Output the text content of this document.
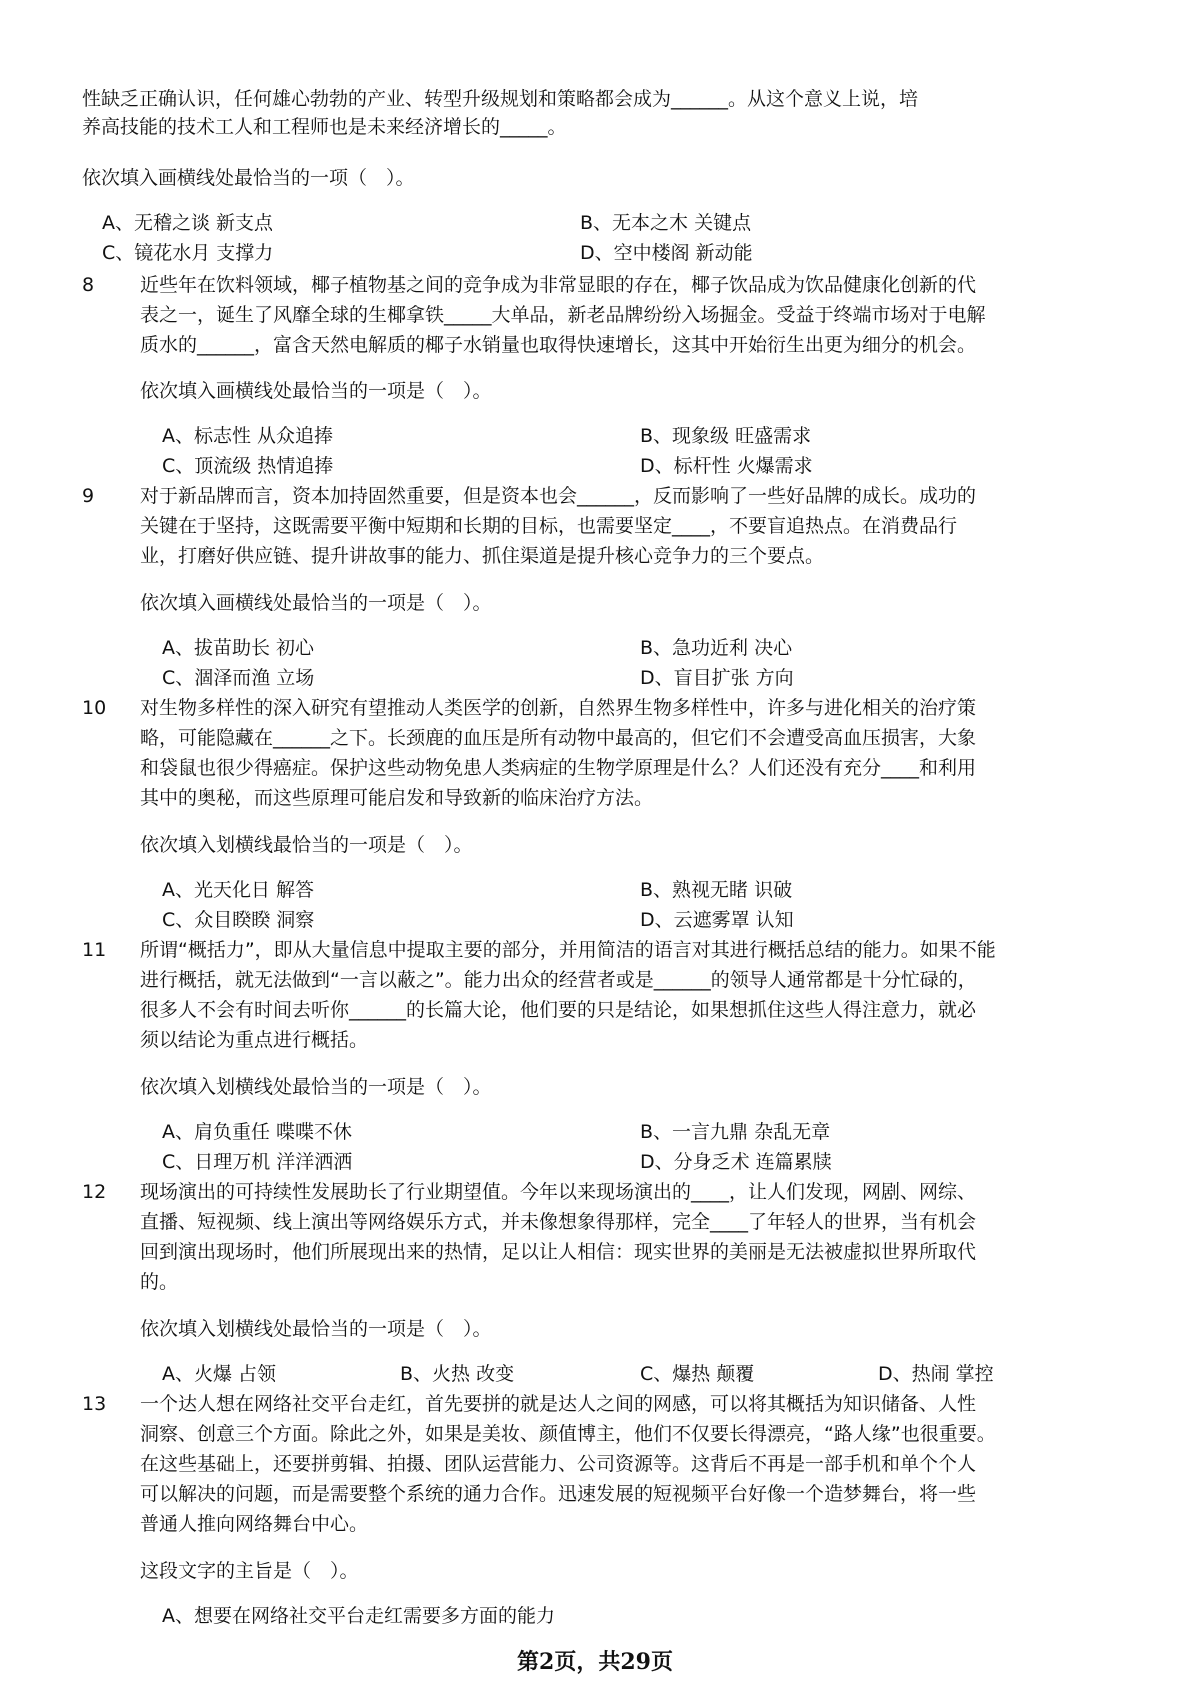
性缺乏正确认识，任何雄心勃勃的产业、转型升级规划和策略都会成为______。从这个意义上说，培
养高技能的技术工人和工程师也是未来经济增长的_____。
依次填入画横线处最恰当的一项（　）。
A、无稽之谈 新支点	B、无本之木 关键点
C、镜花水月 支撑力	D、空中楼阁 新动能
8	近些年在饮料领域，椰子植物基之间的竞争成为非常显眼的存在，椰子饮品成为饮品健康化创新的代
表之一，诞生了风靡全球的生椰拿铁_____大单品，新老品牌纷纷入场掘金。受益于终端市场对于电解
质水的______，富含天然电解质的椰子水销量也取得快速增长，这其中开始衍生出更为细分的机会。
依次填入画横线处最恰当的一项是（　）。
A、标志性 从众追捧	B、现象级 旺盛需求
C、顶流级 热情追捧	D、标杆性 火爆需求
9	对于新品牌而言，资本加持固然重要，但是资本也会______，反而影响了一些好品牌的成长。成功的
关键在于坚持，这既需要平衡中短期和长期的目标，也需要坚定____，不要盲追热点。在消费品行
业，打磨好供应链、提升讲故事的能力、抓住渠道是提升核心竞争力的三个要点。
依次填入画横线处最恰当的一项是（　）。
A、拔苗助长 初心	B、急功近利 决心
C、涸泽而渔 立场	D、盲目扩张 方向
10	对生物多样性的深入研究有望推动人类医学的创新，自然界生物多样性中，许多与进化相关的治疗策
略，可能隐藏在______之下。长颈鹿的血压是所有动物中最高的，但它们不会遭受高血压损害，大象
和袋鼠也很少得癌症。保护这些动物免患人类病症的生物学原理是什么？人们还没有充分____和利用
其中的奥秘，而这些原理可能启发和导致新的临床治疗方法。
依次填入划横线最恰当的一项是（　）。
A、光天化日 解答	B、熟视无睹 识破
C、众目睽睽 洞察	D、云遮雾罩 认知
11	所谓“概括力”，即从大量信息中提取主要的部分，并用简洁的语言对其进行概括总结的能力。如果不能
进行概括，就无法做到“一言以蔽之”。能力出众的经营者或是______的领导人通常都是十分忙碌的，
很多人不会有时间去听你______的长篇大论，他们要的只是结论，如果想抓住这些人得注意力，就必
须以结论为重点进行概括。
依次填入划横线处最恰当的一项是（　）。
A、肩负重任 喋喋不休	B、一言九鼎 杂乱无章
C、日理万机 洋洋洒洒	D、分身乏术 连篇累牍
12	现场演出的可持续性发展助长了行业期望值。今年以来现场演出的____，让人们发现，网剧、网综、
直播、短视频、线上演出等网络娱乐方式，并未像想象得那样，完全____了年轻人的世界，当有机会
回到演出现场时，他们所展现出来的热情，足以让人相信：现实世界的美丽是无法被虚拟世界所取代
的。
依次填入划横线处最恰当的一项是（　）。
A、火爆 占领	B、火热 改变	C、爆热 颠覆	D、热闹 掌控
13	一个达人想在网络社交平台走红，首先要拼的就是达人之间的网感，可以将其概括为知识储备、人性
洞察、创意三个方面。除此之外，如果是美妆、颜值博主，他们不仅要长得漂亮，“路人缘”也很重要。
在这些基础上，还要拼剪辑、拍摄、团队运营能力、公司资源等。这背后不再是一部手机和单个个人
可以解决的问题，而是需要整个系统的通力合作。迅速发展的短视频平台好像一个造梦舞台，将一些
普通人推向网络舞台中心。
这段文字的主旨是（　）。
A、想要在网络社交平台走红需要多方面的能力
第2页，共29页
